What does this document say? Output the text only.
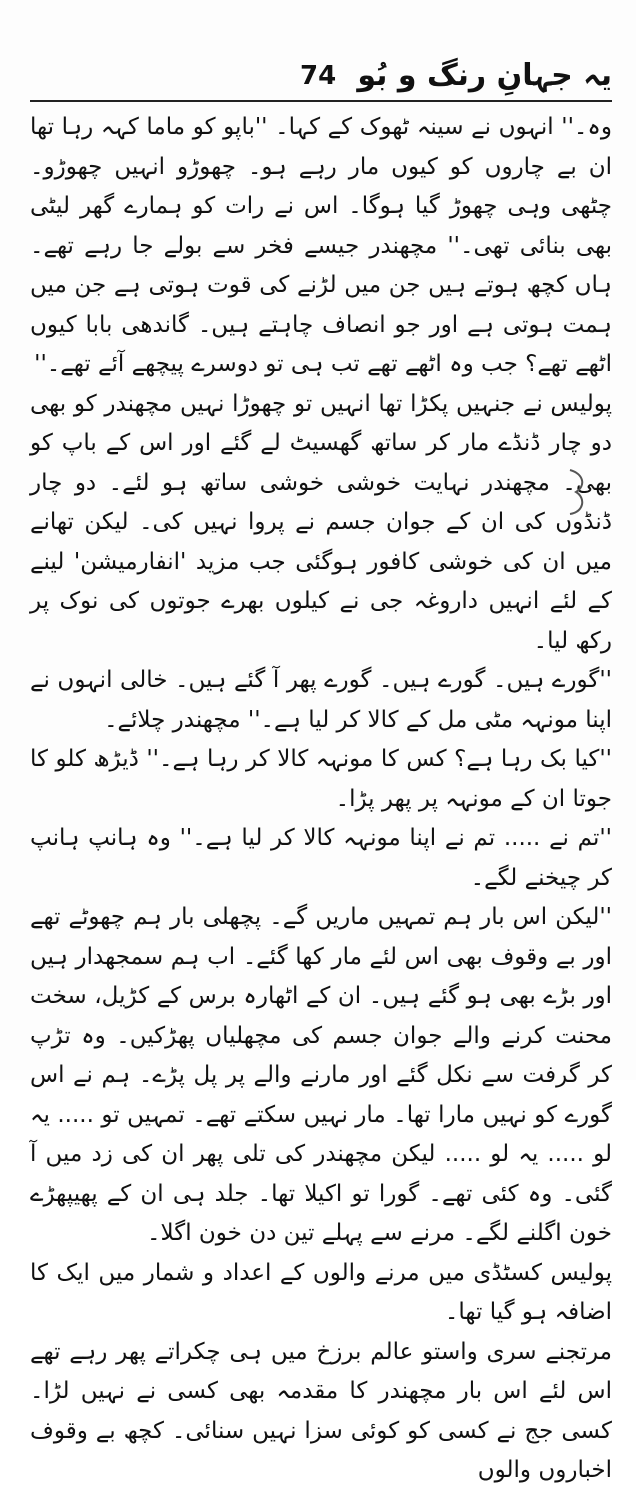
یہ جہانِ رنگ و بُو
74

وہ۔'' انہوں نے سینہ ٹھوک کے کہا۔ ''باپو کو ماما کہہ رہا تھا ان بے چاروں کو کیوں مار رہے ہو۔ چھوڑو انہیں چھوڑو۔ چٹھی وہی چھوڑ گیا ہوگا۔ اس نے رات کو ہمارے گھر لیٹی بھی بنائی تھی۔'' مچھندر جیسے فخر سے بولے جا رہے تھے۔ ہاں کچھ ہوتے ہیں جن میں لڑنے کی قوت ہوتی ہے جن میں ہمت ہوتی ہے اور جو انصاف چاہتے ہیں۔ گاندھی بابا کیوں اٹھے تھے؟ جب وہ اٹھے تھے تب ہی تو دوسرے پیچھے آئے تھے۔''

پولیس نے جنہیں پکڑا تھا انہیں تو چھوڑا نہیں مچھندر کو بھی دو چار ڈنڈے مار کر ساتھ گھسیٹ لے گئے اور اس کے باپ کو بھی۔ مچھندر نہایت خوشی خوشی ساتھ ہو لئے۔ دو چار ڈنڈوں کی ان کے جوان جسم نے پروا نہیں کی۔ لیکن تھانے میں ان کی خوشی کافور ہوگئی جب مزید 'انفارمیشن' لینے کے لئے انہیں داروغہ جی نے کیلوں بھرے جوتوں کی نوک پر رکھ لیا۔

''گورے ہیں۔ گورے ہیں۔ گورے پھر آ گئے ہیں۔ خالی انہوں نے اپنا مونہہ مٹی مل کے کالا کر لیا ہے۔'' مچھندر چلائے۔

''کیا بک رہا ہے؟ کس کا مونہہ کالا کر رہا ہے۔'' ڈیڑھ کلو کا جوتا ان کے مونہہ پر پھر پڑا۔

''تم نے ..... تم نے اپنا مونہہ کالا کر لیا ہے۔'' وہ ہانپ ہانپ کر چیخنے لگے۔

''لیکن اس بار ہم تمہیں ماریں گے۔ پچھلی بار ہم چھوٹے تھے اور بے وقوف بھی اس لئے مار کھا گئے۔ اب ہم سمجھدار ہیں اور بڑے بھی ہو گئے ہیں۔ ان کے اٹھارہ برس کے کڑیل، سخت محنت کرنے والے جوان جسم کی مچھلیاں پھڑکیں۔ وہ تڑپ کر گرفت سے نکل گئے اور مارنے والے پر پل پڑے۔ ہم نے اس گورے کو نہیں مارا تھا۔ مار نہیں سکتے تھے۔ تمہیں تو ..... یہ لو ..... یہ لو ..... لیکن مچھندر کی تلی پھر ان کی زد میں آ گئی۔ وہ کئی تھے۔ گورا تو اکیلا تھا۔ جلد ہی ان کے پھیپھڑے خون اگلنے لگے۔ مرنے سے پہلے تین دن خون اگلا۔

پولیس کسٹڈی میں مرنے والوں کے اعداد و شمار میں ایک کا اضافہ ہو گیا تھا۔

مرتجنے سری واستو عالم برزخ میں ہی چکراتے پھر رہے تھے اس لئے اس بار مچھندر کا مقدمہ بھی کسی نے نہیں لڑا۔ کسی جج نے کسی کو کوئی سزا نہیں سنائی۔ کچھ بے وقوف اخباروں والوں
